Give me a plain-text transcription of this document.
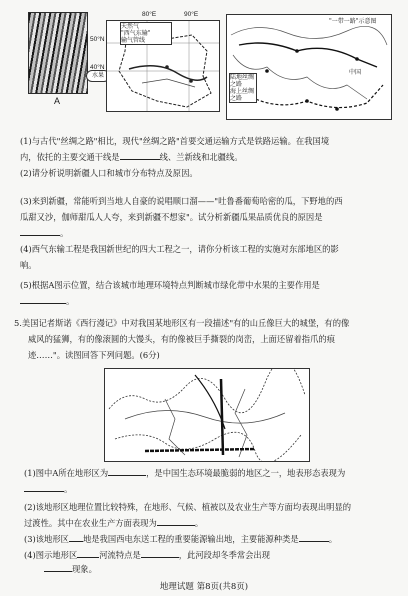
水果
A
80°E	90°E
50°N
40°N
天然气
"西气东输"
输气管线
中国
"一带一路"示意图
陆地丝绸之路
海上丝绸之路
(1)与古代"丝绸之路"相比，现代"丝绸之路"首要交通运输方式是铁路运输。在我国境
内，依托的主要交通干线是	线、兰新线和北疆线。
(2)请分析说明新疆人口和城市分布特点及原因。
(3)来到新疆，常能听到当地人自豪的说唱顺口溜——"吐鲁番葡萄哈密的瓜，下野地的西
瓜甜又沙，伽师甜瓜人人夸，来到新疆不想家"。试分析新疆瓜果品质优良的原因是
。
(4)西气东输工程是我国新世纪的四大工程之一，请你分析该工程的实施对东部地区的影
响。
(5)根据A图示位置，结合该城市地理环境特点判断城市绿化带中水果的主要作用是
。
5.美国记者斯诺《西行漫记》中对我国某地形区有一段描述"有的山丘像巨大的城堡，有的像
威风的猛狮，有的像滚圆的大馒头，有的像被巨手撕裂的岗峦，上面还留着指爪的痕
迹……"。读图回答下列问题。(6分)
(1)图中A所在地形区为	，是中国生态环境最脆弱的地区之一，地表形态表现为
。
(2)该地形区地理位置比较特殊，在地形、气候、植被以及农业生产等方面均表现出明显的
过渡性。其中在农业生产方面表现为	。
(3)该地形区 地是我国西电东送工程的重要能源输出地，主要能源种类是	。
(4)图示地形区	河流特点是	，此河段却冬季常会出现
现象。
地理试题 第8页(共8页)
